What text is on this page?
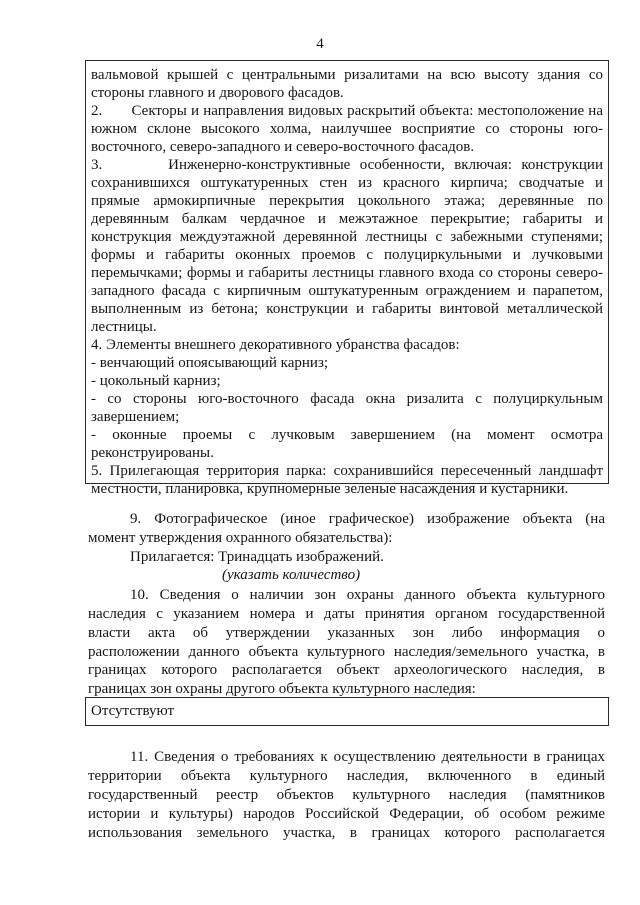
4
вальмовой крышей с центральными ризалитами на всю высоту здания со
стороны главного и дворового фасадов.
2.       Секторы и направления видовых раскрытий объекта: местоположение на
южном склоне высокого холма, наилучшее восприятие со стороны юго-
восточного, северо-западного и северо-восточного фасадов.
3.       Инженерно-конструктивные особенности, включая: конструкции
сохранившихся оштукатуренных стен из красного кирпича; сводчатые и
прямые армокирпичные перекрытия цокольного этажа; деревянные по
деревянным балкам чердачное и межэтажное перекрытие; габариты и
конструкция междуэтажной деревянной лестницы с забежными ступенями;
формы и габариты оконных проемов с полуциркульными и лучковыми
перемычками; формы и габариты лестницы главного входа со стороны северо-
западного фасада с кирпичным оштукатуренным ограждением и парапетом,
выполненным из бетона; конструкции и габариты винтовой металлической
лестницы.
4. Элементы внешнего декоративного убранства фасадов:
- венчающий опоясывающий карниз;
- цокольный карниз;
- со стороны юго-восточного фасада окна ризалита с полуциркульным
завершением;
- оконные проемы с лучковым завершением (на момент осмотра
реконструированы.
5. Прилегающая территория парка: сохранившийся пересеченный ландшафт
местности, планировка, крупномерные зеленые насаждения и кустарники.
9. Фотографическое (иное графическое) изображение объекта (на
момент утверждения охранного обязательства):
Прилагается: Тринадцать изображений.
(указать количество)
10. Сведения о наличии зон охраны данного объекта культурного
наследия с указанием номера и даты принятия органом государственной
власти акта об утверждении указанных зон либо информация о
расположении данного объекта культурного наследия/земельного участка, в
границах которого располагается объект археологического наследия, в
границах зон охраны другого объекта культурного наследия:
Отсутствуют
11. Сведения о требованиях к осуществлению деятельности в границах
территории объекта культурного наследия, включенного в единый
государственный реестр объектов культурного наследия (памятников
истории и культуры) народов Российской Федерации, об особом режиме
использования земельного участка, в границах которого располагается
